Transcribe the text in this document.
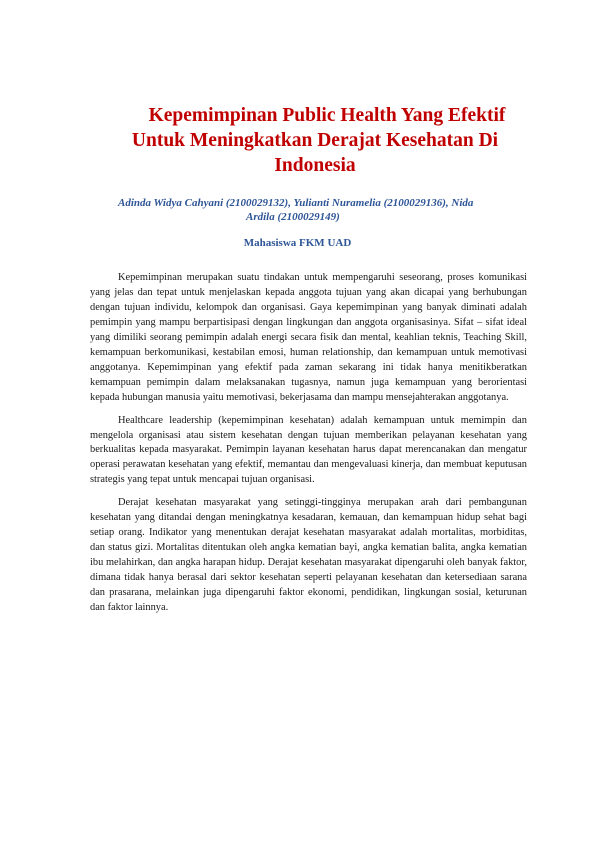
Kepemimpinan Public Health Yang Efektif
Untuk Meningkatkan Derajat Kesehatan Di
Indonesia
Adinda Widya Cahyani (2100029132), Yulianti Nuramelia (2100029136), Nida
Ardila (2100029149)
Mahasiswa FKM UAD

Kepemimpinan merupakan suatu tindakan untuk mempengaruhi seseorang, proses komunikasi yang jelas dan tepat untuk menjelaskan kepada anggota tujuan yang akan dicapai yang berhubungan dengan tujuan individu, kelompok dan organisasi. Gaya kepemimpinan yang banyak diminati adalah pemimpin yang mampu berpartisipasi dengan lingkungan dan anggota organisasinya. Sifat – sifat ideal yang dimiliki seorang pemimpin adalah energi secara fisik dan mental, keahlian teknis, Teaching Skill, kemampuan berkomunikasi, kestabilan emosi, human relationship, dan kemampuan untuk memotivasi anggotanya. Kepemimpinan yang efektif pada zaman sekarang ini tidak hanya menitikberatkan kemampuan pemimpin dalam melaksanakan tugasnya, namun juga kemampuan yang berorientasi kepada hubungan manusia yaitu memotivasi, bekerjasama dan mampu mensejahterakan anggotanya.

Healthcare leadership (kepemimpinan kesehatan) adalah kemampuan untuk memimpin dan mengelola organisasi atau sistem kesehatan dengan tujuan memberikan pelayanan kesehatan yang berkualitas kepada masyarakat. Pemimpin layanan kesehatan harus dapat merencanakan dan mengatur operasi perawatan kesehatan yang efektif, memantau dan mengevaluasi kinerja, dan membuat keputusan strategis yang tepat untuk mencapai tujuan organisasi.

Derajat kesehatan masyarakat yang setinggi-tingginya merupakan arah dari pembangunan kesehatan yang ditandai dengan meningkatnya kesadaran, kemauan, dan kemampuan hidup sehat bagi setiap orang. Indikator yang menentukan derajat kesehatan masyarakat adalah mortalitas, morbiditas, dan status gizi. Mortalitas ditentukan oleh angka kematian bayi, angka kematian balita, angka kematian ibu melahirkan, dan angka harapan hidup. Derajat kesehatan masyarakat dipengaruhi oleh banyak faktor, dimana tidak hanya berasal dari sektor kesehatan seperti pelayanan kesehatan dan ketersediaan sarana dan prasarana, melainkan juga dipengaruhi faktor ekonomi, pendidikan, lingkungan sosial, keturunan dan faktor lainnya.
